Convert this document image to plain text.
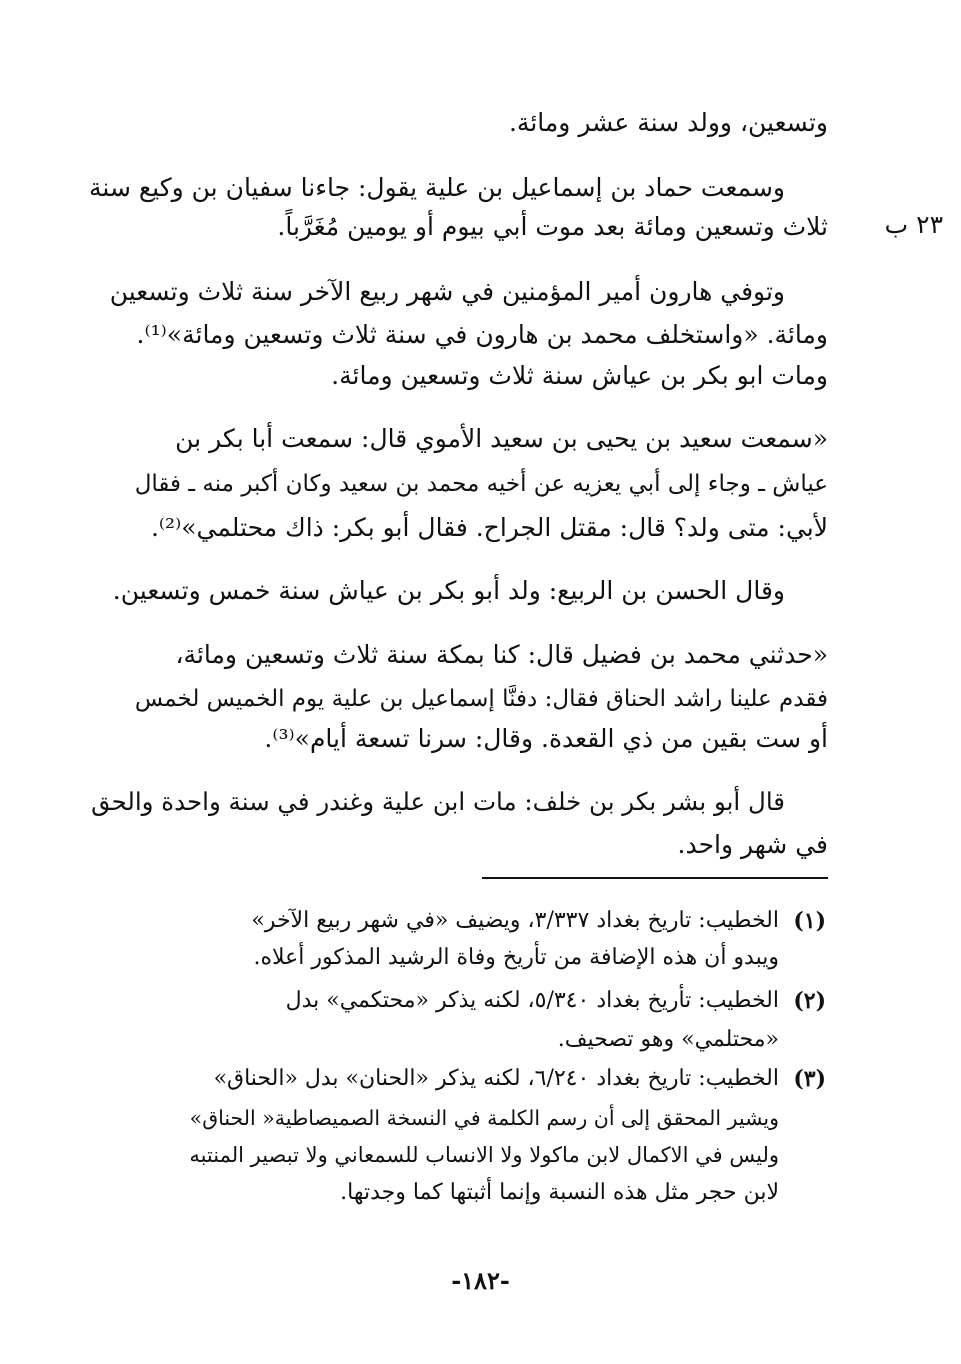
٢٣ ب
وتسعين، وولد سنة عشر ومائة.
وسمعت حماد بن إسماعيل بن علية يقول: جاءنا سفيان بن وكيع سنة
ثلاث وتسعين ومائة بعد موت أبي بيوم أو يومين مُغَرَّباً.
وتوفي هارون أمير المؤمنين في شهر ربيع الآخر سنة ثلاث وتسعين
ومائة. «واستخلف محمد بن هارون في سنة ثلاث وتسعين ومائة»⁽¹⁾.
ومات ابو بكر بن عياش سنة ثلاث وتسعين ومائة.
«سمعت سعيد بن يحيى بن سعيد الأموي قال: سمعت أبا بكر بن
عياش ـ وجاء إلى أبي يعزيه عن أخيه محمد بن سعيد وكان أكبر منه ـ فقال
لأبي: متى ولد؟ قال: مقتل الجراح. فقال أبو بكر: ذاك محتلمي»⁽²⁾.
وقال الحسن بن الربيع: ولد أبو بكر بن عياش سنة خمس وتسعين.
«حدثني محمد بن فضيل قال: كنا بمكة سنة ثلاث وتسعين ومائة،
فقدم علينا راشد الحناق فقال: دفنَّا إسماعيل بن علية يوم الخميس لخمس
أو ست بقين من ذي القعدة. وقال: سرنا تسعة أيام»⁽³⁾.
قال أبو بشر بكر بن خلف: مات ابن علية وغندر في سنة واحدة والحق
في شهر واحد.
(١)
الخطيب: تاريخ بغداد ٣/٣٣٧، ويضيف «في شهر ربيع الآخر»
ويبدو أن هذه الإضافة من تأريخ وفاة الرشيد المذكور أعلاه.
(٢)
الخطيب: تأريخ بغداد ٥/٣٤٠، لكنه يذكر «محتكمي» بدل
«محتلمي» وهو تصحيف.
(٣)
الخطيب: تاريخ بغداد ٦/٢٤٠، لكنه يذكر «الحنان» بدل «الحناق»
ويشير المحقق إلى أن رسم الكلمة في النسخة الصميصاطية« الحناق»
وليس في الاكمال لابن ماكولا ولا الانساب للسمعاني ولا تبصير المنتبه
لابن حجر مثل هذه النسبة وإنما أثبتها كما وجدتها.
-١٨٢-
